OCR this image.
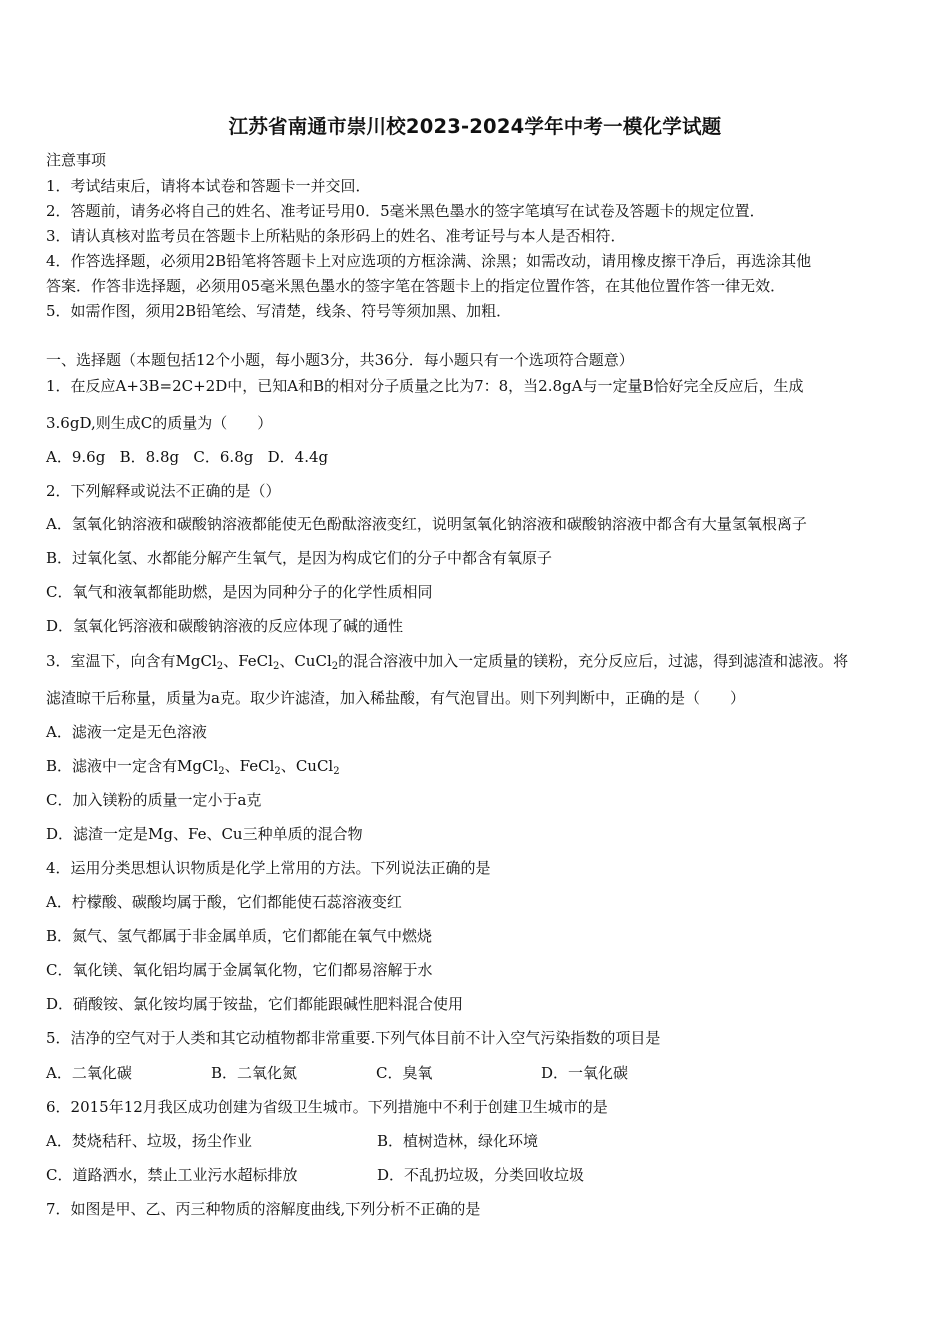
江苏省南通市崇川校2023-2024学年中考一模化学试题
注意事项
1．考试结束后，请将本试卷和答题卡一并交回．
2．答题前，请务必将自己的姓名、准考证号用0．5毫米黑色墨水的签字笔填写在试卷及答题卡的规定位置．
3．请认真核对监考员在答题卡上所粘贴的条形码上的姓名、准考证号与本人是否相符．
4．作答选择题，必须用2B铅笔将答题卡上对应选项的方框涂满、涂黑；如需改动，请用橡皮擦干净后，再选涂其他
答案．作答非选择题，必须用05毫米黑色墨水的签字笔在答题卡上的指定位置作答，在其他位置作答一律无效．
5．如需作图，须用2B铅笔绘、写清楚，线条、符号等须加黑、加粗．
一、选择题（本题包括12个小题，每小题3分，共36分．每小题只有一个选项符合题意）
1．在反应A+3B=2C+2D中，已知A和B的相对分子质量之比为7：8，当2.8gA与一定量B恰好完全反应后，生成
3.6gD,则生成C的质量为（　　）
A．9.6g B．8.8g C．6.8g D．4.4g
2．下列解释或说法不正确的是（）
A．氢氧化钠溶液和碳酸钠溶液都能使无色酚酞溶液变红，说明氢氧化钠溶液和碳酸钠溶液中都含有大量氢氧根离子
B．过氧化氢、水都能分解产生氧气，是因为构成它们的分子中都含有氧原子
C．氧气和液氧都能助燃，是因为同种分子的化学性质相同
D．氢氧化钙溶液和碳酸钠溶液的反应体现了碱的通性
3．室温下，向含有MgCl$_2$、FeCl$_2$、CuCl$_2$的混合溶液中加入一定质量的镁粉，充分反应后，过滤，得到滤渣和滤液。将
滤渣晾干后称量，质量为a克。取少许滤渣，加入稀盐酸，有气泡冒出。则下列判断中，正确的是（　　）
A．滤液一定是无色溶液
B．滤液中一定含有MgCl$_2$、FeCl$_2$、CuCl$_2$
C．加入镁粉的质量一定小于a克
D．滤渣一定是Mg、Fe、Cu三种单质的混合物
4．运用分类思想认识物质是化学上常用的方法。下列说法正确的是
A．柠檬酸、碳酸均属于酸，它们都能使石蕊溶液变红
B．氮气、氢气都属于非金属单质，它们都能在氧气中燃烧
C．氧化镁、氧化铝均属于金属氧化物，它们都易溶解于水
D．硝酸铵、氯化铵均属于铵盐，它们都能跟碱性肥料混合使用
5．洁净的空气对于人类和其它动植物都非常重要.下列气体目前不计入空气污染指数的项目是
A．二氧化碳	B．二氧化氮	C．臭氧	D．一氧化碳
6．2015年12月我区成功创建为省级卫生城市。下列措施中不利于创建卫生城市的是
A．焚烧秸秆、垃圾，扬尘作业	B．植树造林，绿化环境
C．道路洒水，禁止工业污水超标排放	D．不乱扔垃圾，分类回收垃圾
7．如图是甲、乙、丙三种物质的溶解度曲线,下列分析不正确的是
